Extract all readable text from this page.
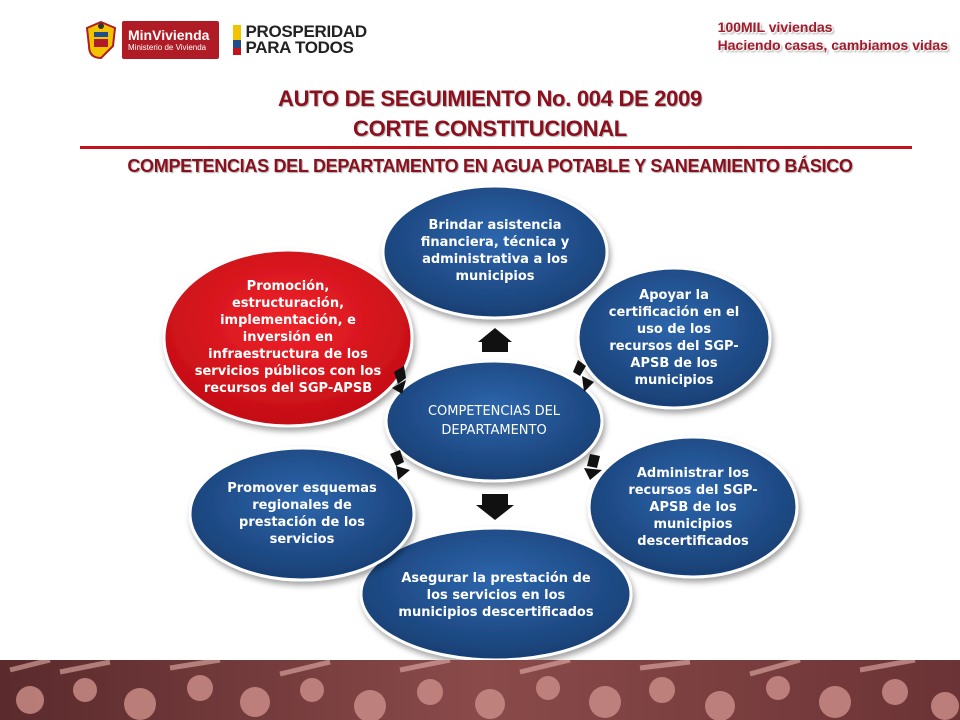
MinVivienda
Ministerio de Vivienda
PROSPERIDAD
PARA TODOS
100MIL viviendas
Haciendo casas, cambiamos vidas
AUTO DE SEGUIMIENTO No. 004 DE 2009
CORTE CONSTITUCIONAL
COMPETENCIAS DEL DEPARTAMENTO EN AGUA POTABLE Y SANEAMIENTO BÁSICO
COMPETENCIAS DEL DEPARTAMENTO
Brindar asistencia financiera, técnica y administrativa a los municipios
Apoyar la certificación en el uso de los recursos del SGP-APSB de los municipios
Administrar los recursos del SGP-APSB de los municipios descertificados
Asegurar la prestación de los servicios en los municipios descertificados
Promover esquemas regionales de prestación de los servicios
Promoción, estructuración, implementación, e inversión en infraestructura de los servicios públicos con los recursos del SGP-APSB
